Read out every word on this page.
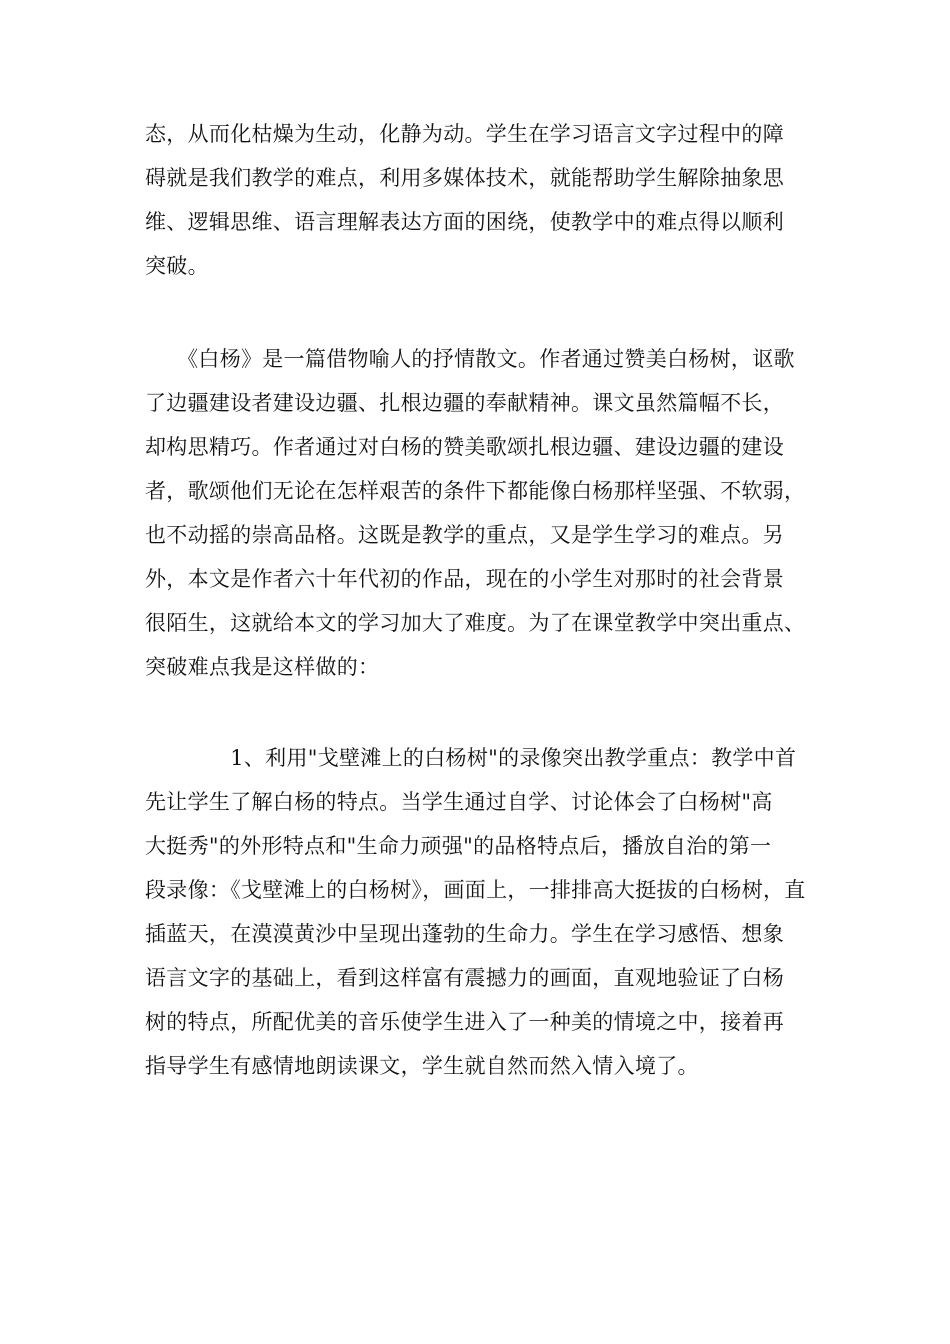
态，从而化枯燥为生动，化静为动。学生在学习语言文字过程中的障
碍就是我们教学的难点，利用多媒体技术，就能帮助学生解除抽象思
维、逻辑思维、语言理解表达方面的困绕，使教学中的难点得以顺利
突破。
　　《白杨》是一篇借物喻人的抒情散文。作者通过赞美白杨树，讴歌
了边疆建设者建设边疆、扎根边疆的奉献精神。课文虽然篇幅不长，
却构思精巧。作者通过对白杨的赞美歌颂扎根边疆、建设边疆的建设
者，歌颂他们无论在怎样艰苦的条件下都能像白杨那样坚强、不软弱，
也不动摇的崇高品格。这既是教学的重点，又是学生学习的难点。另
外，本文是作者六十年代初的作品，现在的小学生对那时的社会背景
很陌生，这就给本文的学习加大了难度。为了在课堂教学中突出重点、
突破难点我是这样做的：
　　　　1、利用"戈壁滩上的白杨树"的录像突出教学重点：教学中首
先让学生了解白杨的特点。当学生通过自学、讨论体会了白杨树"高
大挺秀"的外形特点和"生命力顽强"的品格特点后，播放自治的第一
段录像：《戈壁滩上的白杨树》，画面上，一排排高大挺拔的白杨树，直
插蓝天，在漠漠黄沙中呈现出蓬勃的生命力。学生在学习感悟、想象
语言文字的基础上，看到这样富有震撼力的画面，直观地验证了白杨
树的特点，所配优美的音乐使学生进入了一种美的情境之中，接着再
指导学生有感情地朗读课文，学生就自然而然入情入境了。
